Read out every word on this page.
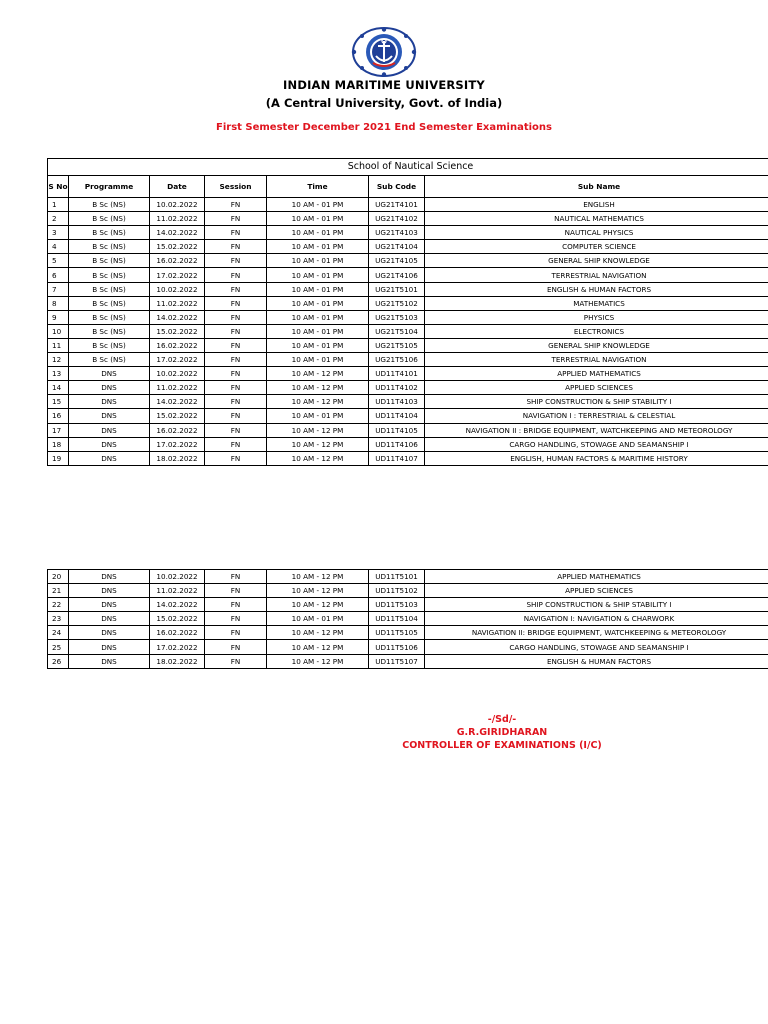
INDIAN MARITIME UNIVERSITY
(A Central University, Govt. of India)
First Semester December 2021 End Semester Examinations
School of Nautical Science						
S No	Programme	Date	Session	Time	Sub Code	Sub Name
1	B Sc (NS)	10.02.2022	FN	10 AM - 01 PM	UG21T4101	ENGLISH
2	B Sc (NS)	11.02.2022	FN	10 AM - 01 PM	UG21T4102	NAUTICAL MATHEMATICS
3	B Sc (NS)	14.02.2022	FN	10 AM - 01 PM	UG21T4103	NAUTICAL PHYSICS
4	B Sc (NS)	15.02.2022	FN	10 AM - 01 PM	UG21T4104	COMPUTER SCIENCE
5	B Sc (NS)	16.02.2022	FN	10 AM - 01 PM	UG21T4105	GENERAL SHIP KNOWLEDGE
6	B Sc (NS)	17.02.2022	FN	10 AM - 01 PM	UG21T4106	TERRESTRIAL NAVIGATION
7	B Sc (NS)	10.02.2022	FN	10 AM - 01 PM	UG21T5101	ENGLISH & HUMAN FACTORS
8	B Sc (NS)	11.02.2022	FN	10 AM - 01 PM	UG21T5102	MATHEMATICS
9	B Sc (NS)	14.02.2022	FN	10 AM - 01 PM	UG21T5103	PHYSICS
10	B Sc (NS)	15.02.2022	FN	10 AM - 01 PM	UG21T5104	ELECTRONICS
11	B Sc (NS)	16.02.2022	FN	10 AM - 01 PM	UG21T5105	GENERAL SHIP KNOWLEDGE
12	B Sc (NS)	17.02.2022	FN	10 AM - 01 PM	UG21T5106	TERRESTRIAL NAVIGATION
13	DNS	10.02.2022	FN	10 AM - 12 PM	UD11T4101	APPLIED MATHEMATICS
14	DNS	11.02.2022	FN	10 AM - 12 PM	UD11T4102	APPLIED SCIENCES
15	DNS	14.02.2022	FN	10 AM - 12 PM	UD11T4103	SHIP CONSTRUCTION & SHIP STABILITY I
16	DNS	15.02.2022	FN	10 AM - 01 PM	UD11T4104	NAVIGATION I : TERRESTRIAL & CELESTIAL
17	DNS	16.02.2022	FN	10 AM - 12 PM	UD11T4105	NAVIGATION II : BRIDGE EQUIPMENT, WATCHKEEPING AND METEOROLOGY
18	DNS	17.02.2022	FN	10 AM - 12 PM	UD11T4106	CARGO HANDLING, STOWAGE AND SEAMANSHIP I
19	DNS	18.02.2022	FN	10 AM - 12 PM	UD11T4107	ENGLISH, HUMAN FACTORS & MARITIME HISTORY
20	DNS	10.02.2022	FN	10 AM - 12 PM	UD11T5101	APPLIED MATHEMATICS
21	DNS	11.02.2022	FN	10 AM - 12 PM	UD11T5102	APPLIED SCIENCES
22	DNS	14.02.2022	FN	10 AM - 12 PM	UD11T5103	SHIP CONSTRUCTION & SHIP STABILITY I
23	DNS	15.02.2022	FN	10 AM - 01 PM	UD11T5104	NAVIGATION I: NAVIGATION & CHARWORK
24	DNS	16.02.2022	FN	10 AM - 12 PM	UD11T5105	NAVIGATION II: BRIDGE EQUIPMENT, WATCHKEEPING & METEOROLOGY
25	DNS	17.02.2022	FN	10 AM - 12 PM	UD11T5106	CARGO HANDLING, STOWAGE AND SEAMANSHIP I
26	DNS	18.02.2022	FN	10 AM - 12 PM	UD11T5107	ENGLISH & HUMAN FACTORS
-/Sd/-
G.R.GIRIDHARAN
CONTROLLER OF EXAMINATIONS (I/C)
